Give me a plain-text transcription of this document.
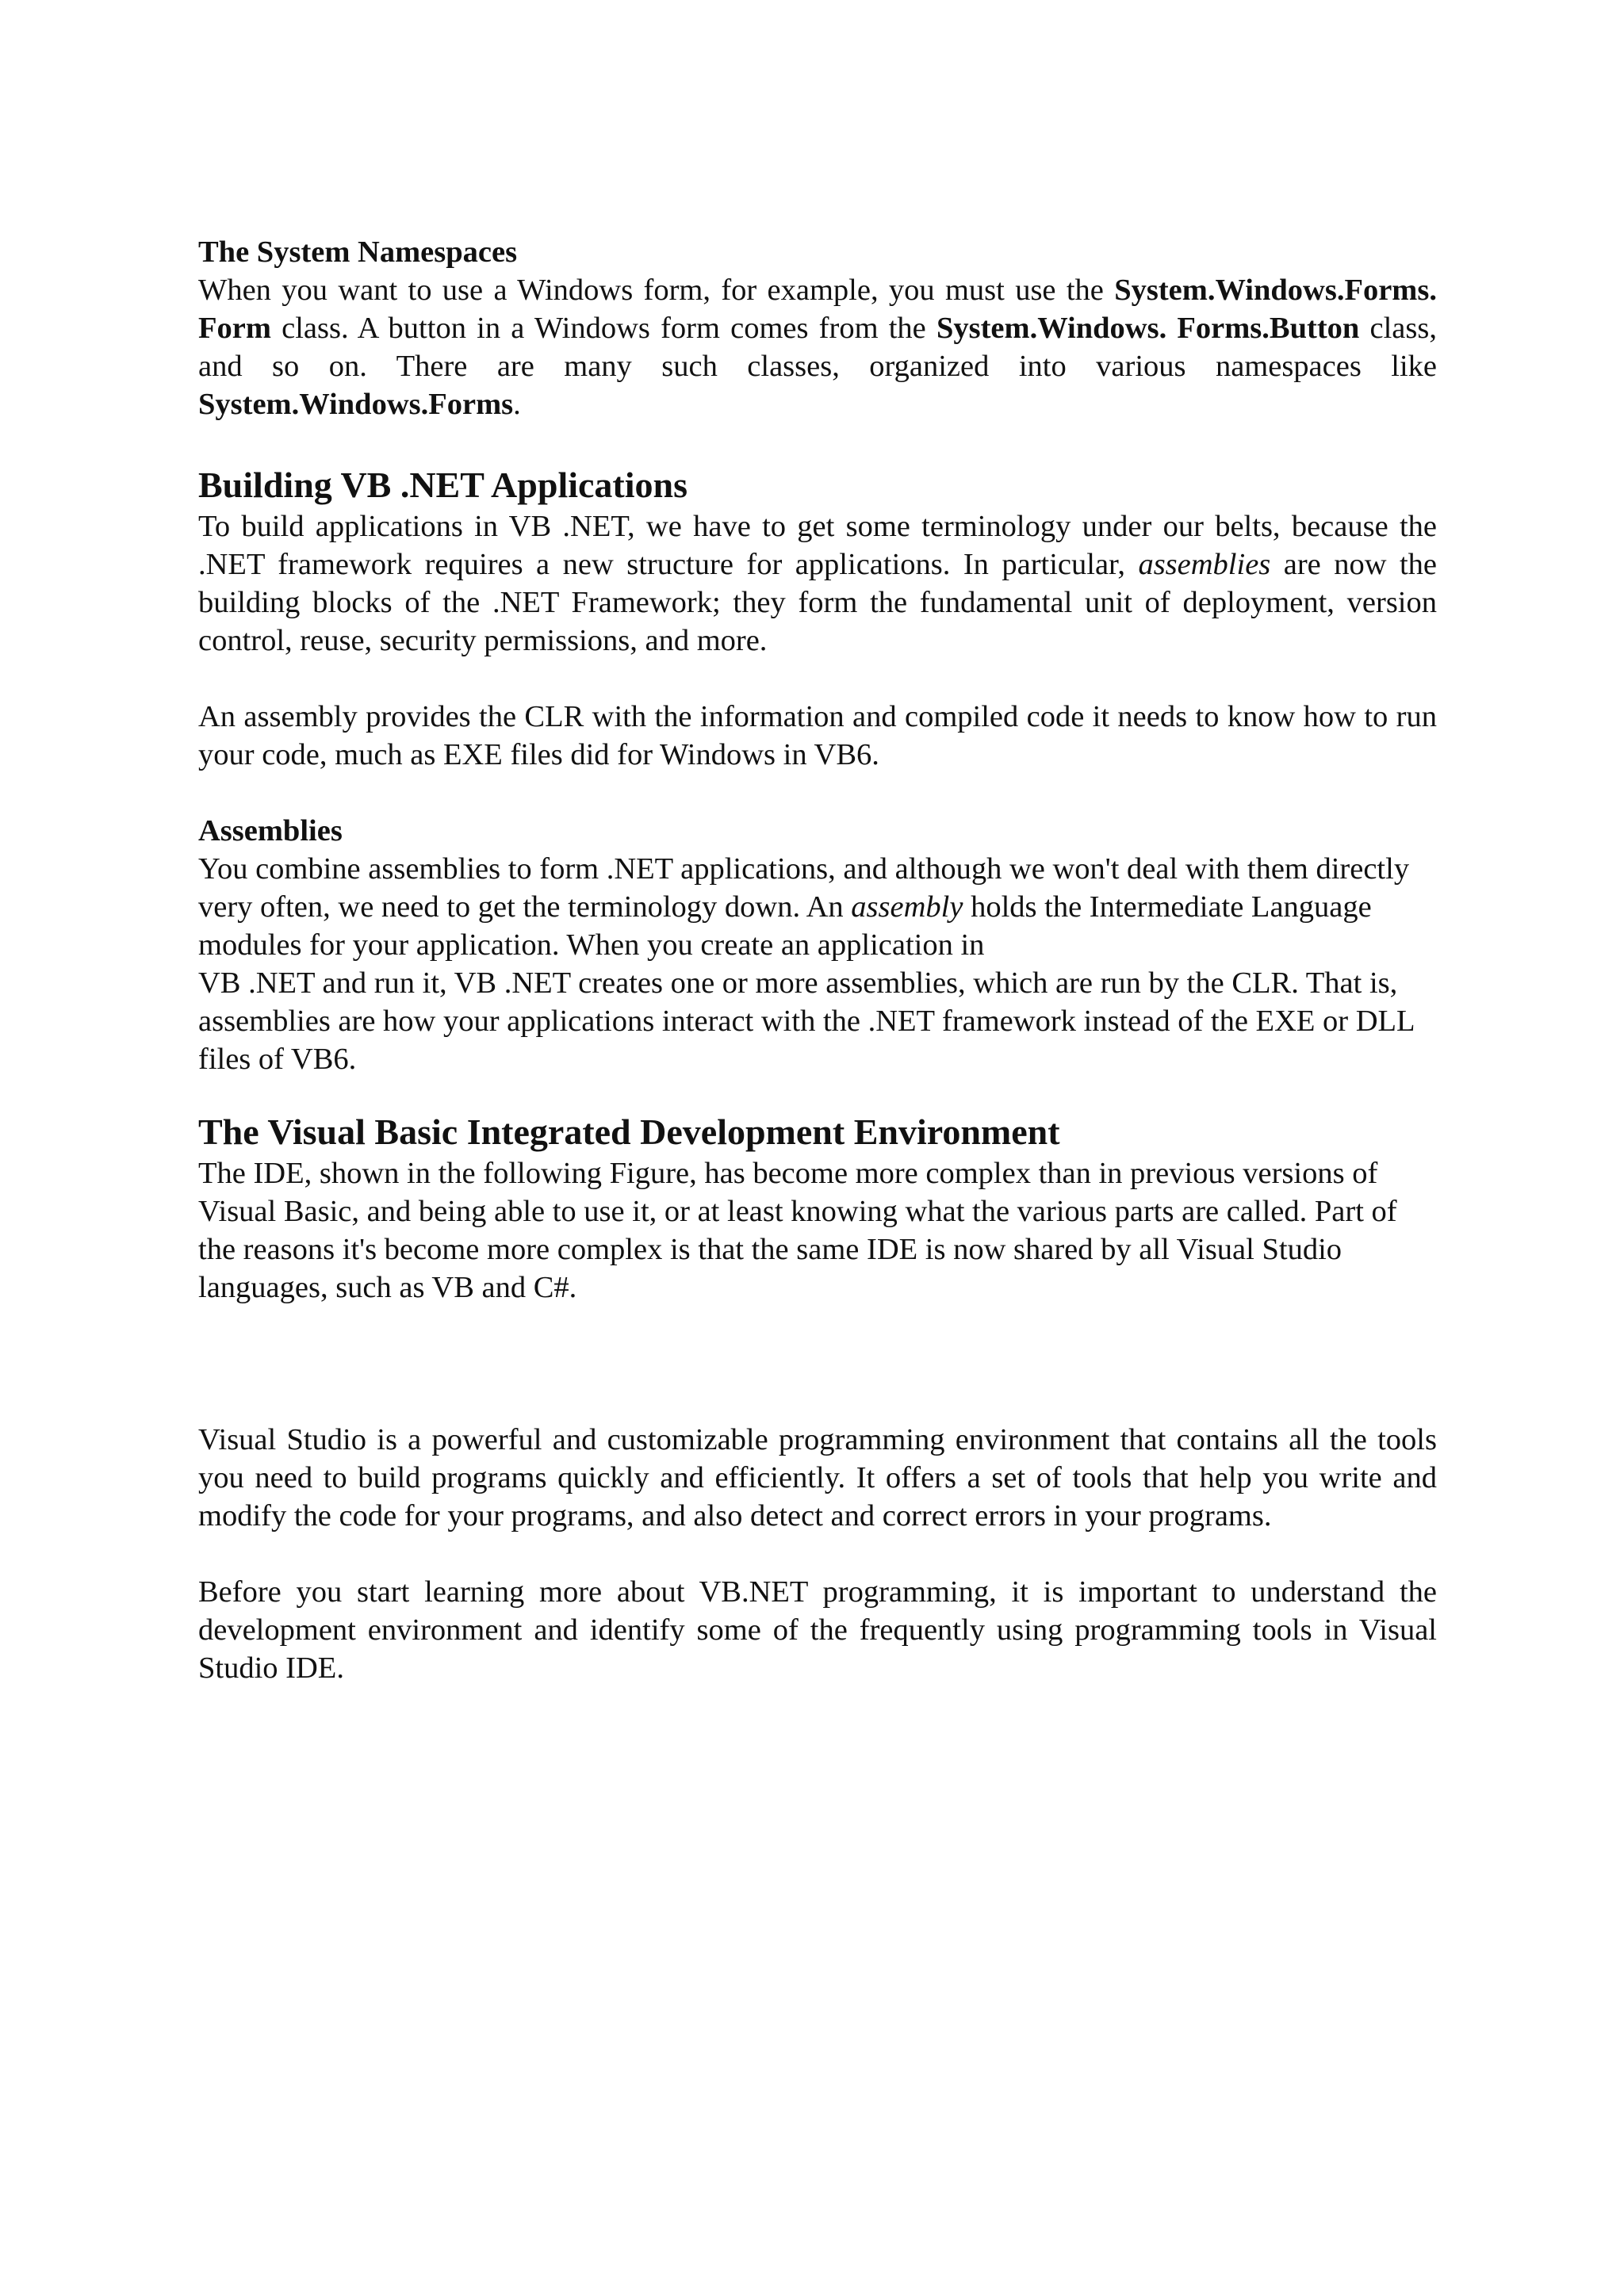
The System Namespaces

When you want to use a Windows form, for example, you must use the System.Windows.Forms. Form class. A button in a Windows form comes from the System.Windows. Forms.Button class, and so on. There are many such classes, organized into various namespaces like System.Windows.Forms.

Building VB .NET Applications

To build applications in VB .NET, we have to get some terminology under our belts, because the .NET framework requires a new structure for applications. In particular, assemblies are now the building blocks of the .NET Framework; they form the fundamental unit of deployment, version control, reuse, security permissions, and more.

An assembly provides the CLR with the information and compiled code it needs to know how to run your code, much as EXE files did for Windows in VB6.

Assemblies

You combine assemblies to form .NET applications, and although we won't deal with them directly very often, we need to get the terminology down. An assembly holds the Intermediate Language modules for your application. When you create an application in
VB .NET and run it, VB .NET creates one or more assemblies, which are run by the CLR. That is, assemblies are how your applications interact with the .NET framework instead of the EXE or DLL files of VB6.

The Visual Basic Integrated Development Environment

The IDE, shown in the following Figure, has become more complex than in previous versions of Visual Basic, and being able to use it, or at least knowing what the various parts are called. Part of the reasons it's become more complex is that the same IDE is now shared by all Visual Studio languages, such as VB and C#.

Visual Studio is a powerful and customizable programming environment that contains all the tools you need to build programs quickly and efficiently. It offers a set of tools that help you write and modify the code for your programs, and also detect and correct errors in your programs.

Before you start learning more about VB.NET programming, it is important to understand the development environment and identify some of the frequently using programming tools in Visual Studio IDE.
